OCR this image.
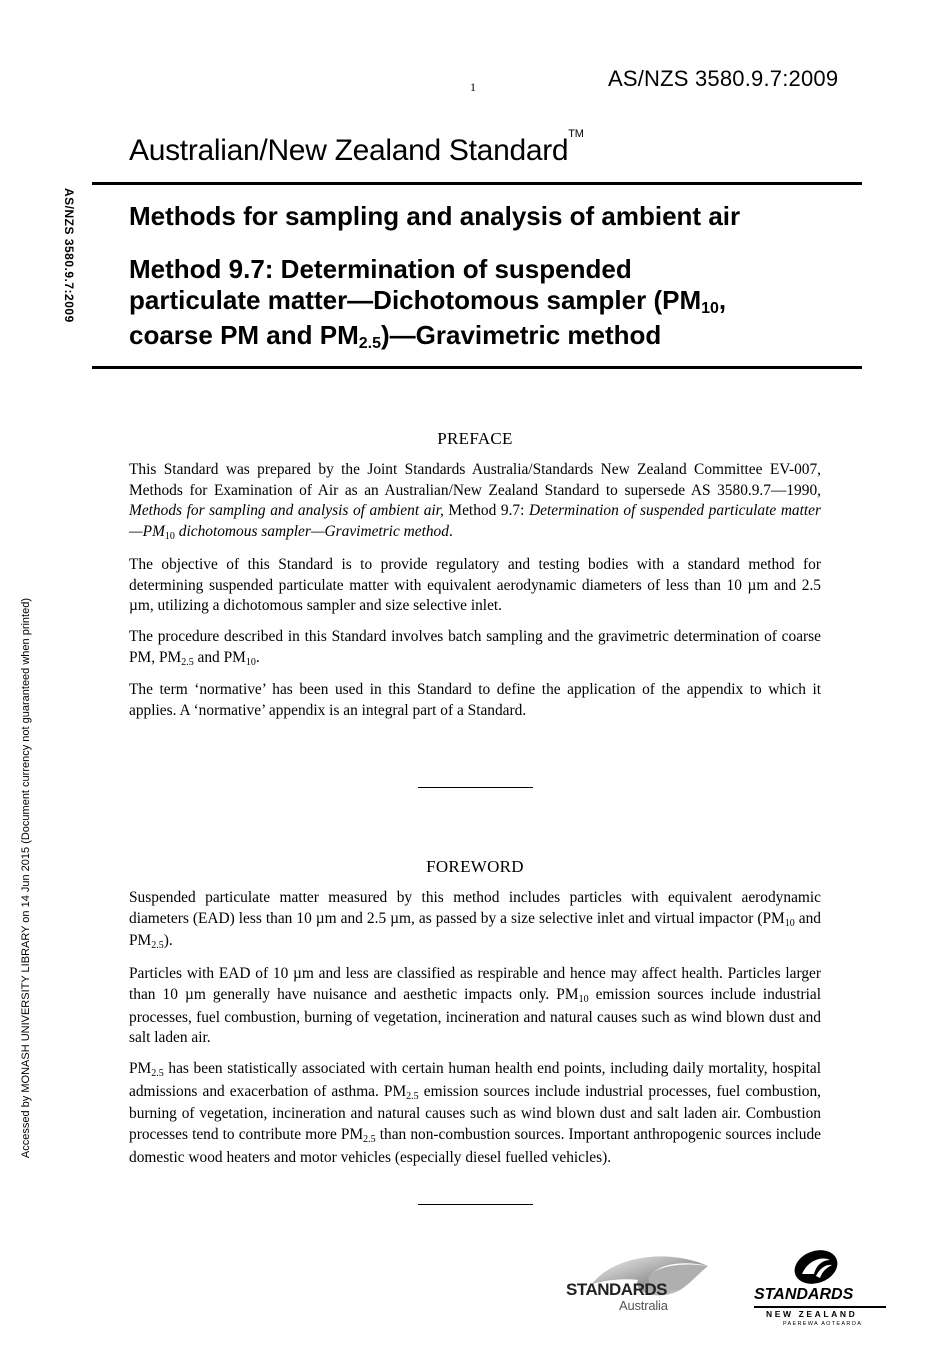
1	AS/NZS 3580.9.7:2009
Australian/New Zealand Standard™
AS/NZS 3580.9.7:2009
Accessed by MONASH UNIVERSITY LIBRARY on 14 Jun 2015 (Document currency not guaranteed when printed)
Methods for sampling and analysis of ambient air
Method 9.7: Determination of suspended
particulate matter—Dichotomous sampler ($PM_{10}$,
coarse PM and $PM_{2.5})—Gravimetric$ method
PREFACE

This Standard was prepared by the Joint Standards Australia/Standards New Zealand Committee EV-007, Methods for Examination of Air as an Australian/New Zealand Standard to supersede AS 3580.9.7—1990, Methods for sampling and analysis of ambient air, Method 9.7: Determination of suspended particulate $matter—PM_{10}$ dichotomous sampler—Gravimetric method.

The objective of this Standard is to provide regulatory and testing bodies with a standard method for determining suspended particulate matter with equivalent aerodynamic diameters of less than 10 µm and 2.5 µm, utilizing a dichotomous sampler and size selective inlet.

The procedure described in this Standard involves batch sampling and the gravimetric determination of coarse PM, $PM_{2.5}$ and $PM_{10}$.

The term ‘normative’ has been used in this Standard to define the application of the appendix to which it applies. A ‘normative’ appendix is an integral part of a Standard.

FOREWORD

Suspended particulate matter measured by this method includes particles with equivalent aerodynamic diameters (EAD) less than 10 µm and 2.5 µm, as passed by a size selective inlet and virtual impactor ($PM_{10}$ and $PM_{2.5}$).

Particles with EAD of 10 µm and less are classified as respirable and hence may affect health. Particles larger than 10 µm generally have nuisance and aesthetic impacts only. $PM_{10}$ emission sources include industrial processes, fuel combustion, burning of vegetation, incineration and natural causes such as wind blown dust and salt laden air.

$PM_{2.5}$ has been statistically associated with certain human health end points, including daily mortality, hospital admissions and exacerbation of asthma. $PM_{2.5}$ emission sources include industrial processes, fuel combustion, burning of vegetation, incineration and natural causes such as wind blown dust and salt laden air. Combustion processes tend to contribute more $PM_{2.5}$ than non-combustion sources. Important anthropogenic sources include domestic wood heaters and motor vehicles (especially diesel fuelled vehicles).

STANDARDS
Australia
STANDARDS
NEW ZEALAND
PAEREWA AOTEAROA
